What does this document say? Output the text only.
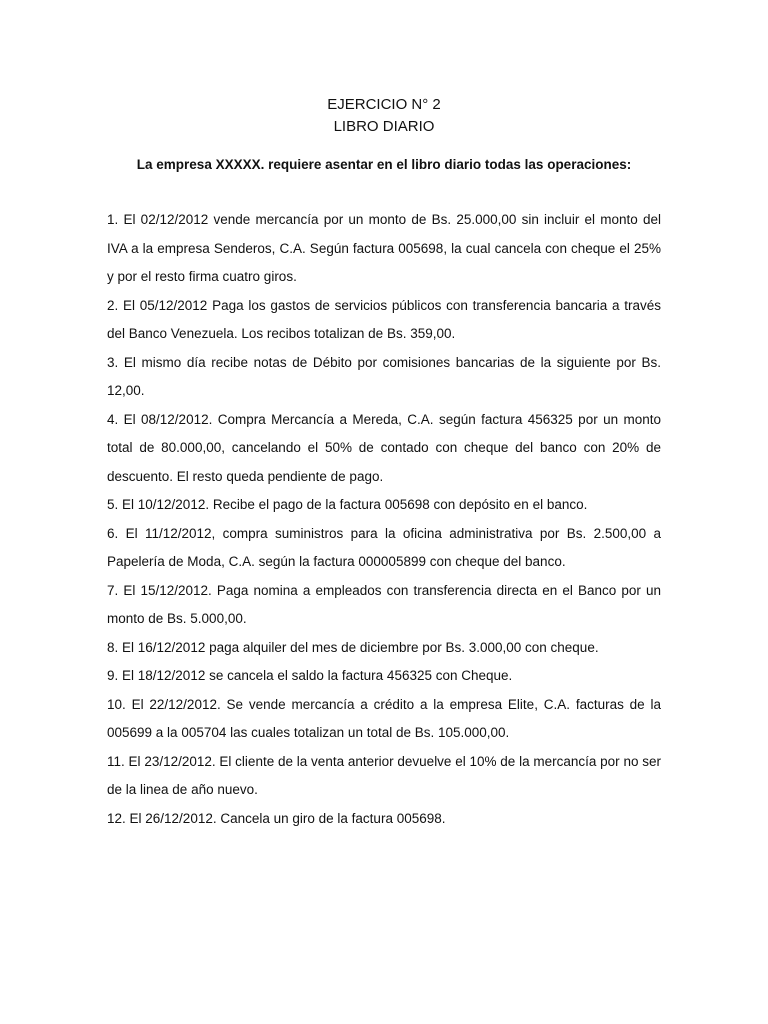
EJERCICIO N° 2
LIBRO DIARIO
La empresa XXXXX. requiere asentar en el libro diario todas las operaciones:

1. El 02/12/2012 vende mercancía por un monto de Bs. 25.000,00 sin incluir el monto del IVA a la empresa Senderos, C.A. Según factura 005698, la cual cancela con cheque el 25% y por el resto firma cuatro giros.

2. El 05/12/2012 Paga los gastos de servicios públicos con transferencia bancaria a través del Banco Venezuela. Los recibos totalizan de Bs. 359,00.

3. El mismo día recibe notas de Débito por comisiones bancarias de la siguiente por Bs. 12,00.

4. El 08/12/2012. Compra Mercancía a Mereda, C.A. según factura 456325 por un monto total de 80.000,00, cancelando el 50% de contado con cheque del banco con 20% de descuento. El resto queda pendiente de pago.

5. El 10/12/2012. Recibe el pago de la factura 005698 con depósito en el banco.

6. El 11/12/2012, compra suministros para la oficina administrativa por Bs. 2.500,00 a Papelería de Moda, C.A. según la factura 000005899 con cheque del banco.

7. El 15/12/2012. Paga nomina a empleados con transferencia directa en el Banco por un monto de Bs. 5.000,00.

8. El 16/12/2012 paga alquiler del mes de diciembre por Bs. 3.000,00 con cheque.

9. El 18/12/2012 se cancela el saldo la factura 456325 con Cheque.

10. El 22/12/2012. Se vende mercancía a crédito a la empresa Elite, C.A. facturas de la 005699 a la 005704 las cuales totalizan un total de Bs. 105.000,00.

11. El 23/12/2012. El cliente de la venta anterior devuelve el 10% de la mercancía por no ser de la linea de año nuevo.

12. El 26/12/2012. Cancela un giro de la factura 005698.
